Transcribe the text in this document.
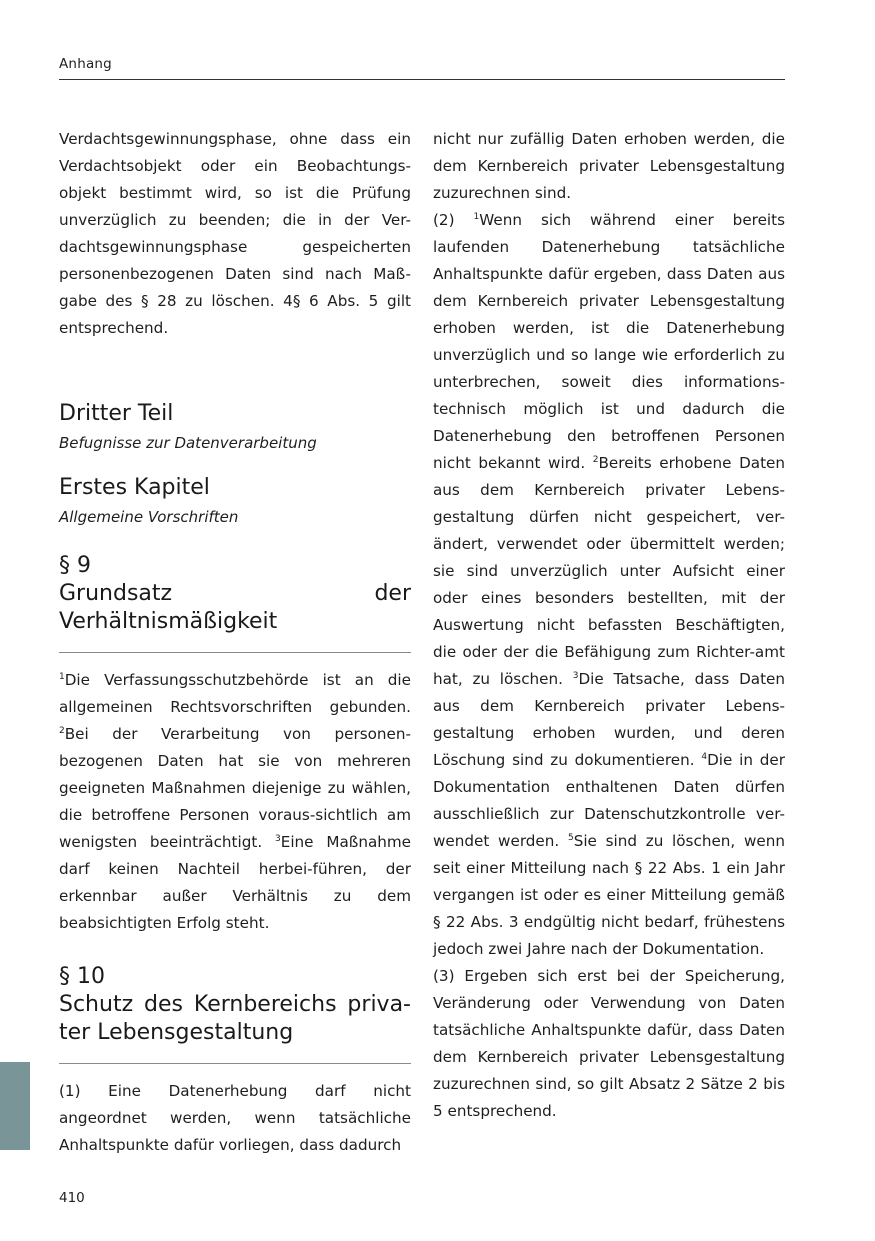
Anhang

Verdachtsgewinnungsphase, ohne dass ein Verdachtsobjekt oder ein Beobachtungs-objekt bestimmt wird, so ist die Prüfung unverzüglich zu beenden; die in der Ver-dachtsgewinnungsphase gespeicherten personenbezogenen Daten sind nach Maß-gabe des § 28 zu löschen. 4§ 6 Abs. 5 gilt entsprechend.

Dritter Teil
Befugnisse zur Datenverarbeitung
Erstes Kapitel
Allgemeine Vorschriften
§ 9
Grundsatz der Verhältnismäßigkeit

$^1$Die Verfassungsschutzbehörde ist an die allgemeinen Rechtsvorschriften gebunden. $^2$Bei der Verarbeitung von personen-bezogenen Daten hat sie von mehreren geeigneten Maßnahmen diejenige zu wählen, die betroffene Personen voraus-sichtlich am wenigsten beeinträchtigt. $^3$Eine Maßnahme darf keinen Nachteil herbei-führen, der erkennbar außer Verhältnis zu dem beabsichtigten Erfolg steht.

§ 10
Schutz des Kernbereichs priva-ter Lebensgestaltung

(1) Eine Datenerhebung darf nicht angeordnet werden, wenn tatsächliche Anhaltspunkte dafür vorliegen, dass dadurch

nicht nur zufällig Daten erhoben werden, die dem Kernbereich privater Lebensgestaltung zuzurechnen sind.

(2) $^1$Wenn sich während einer bereits laufenden Datenerhebung tatsächliche Anhaltspunkte dafür ergeben, dass Daten aus dem Kernbereich privater Lebensgestaltung erhoben werden, ist die Datenerhebung unverzüglich und so lange wie erforderlich zu unterbrechen, soweit dies informations-technisch möglich ist und dadurch die Datenerhebung den betroffenen Personen nicht bekannt wird. $^2$Bereits erhobene Daten aus dem Kernbereich privater Lebens-gestaltung dürfen nicht gespeichert, ver-ändert, verwendet oder übermittelt werden; sie sind unverzüglich unter Aufsicht einer oder eines besonders bestellten, mit der Auswertung nicht befassten Beschäftigten, die oder der die Befähigung zum Richter-amt hat, zu löschen. $^3$Die Tatsache, dass Daten aus dem Kernbereich privater Lebens-gestaltung erhoben wurden, und deren Löschung sind zu dokumentieren. $^4$Die in der Dokumentation enthaltenen Daten dürfen ausschließlich zur Datenschutzkontrolle ver-wendet werden. $^5$Sie sind zu löschen, wenn seit einer Mitteilung nach § 22 Abs. 1 ein Jahr vergangen ist oder es einer Mitteilung gemäß § 22 Abs. 3 endgültig nicht bedarf, frühestens jedoch zwei Jahre nach der Dokumentation.

(3) Ergeben sich erst bei der Speicherung, Veränderung oder Verwendung von Daten tatsächliche Anhaltspunkte dafür, dass Daten dem Kernbereich privater Lebensgestaltung zuzurechnen sind, so gilt Absatz 2 Sätze 2 bis 5 entsprechend.

410
